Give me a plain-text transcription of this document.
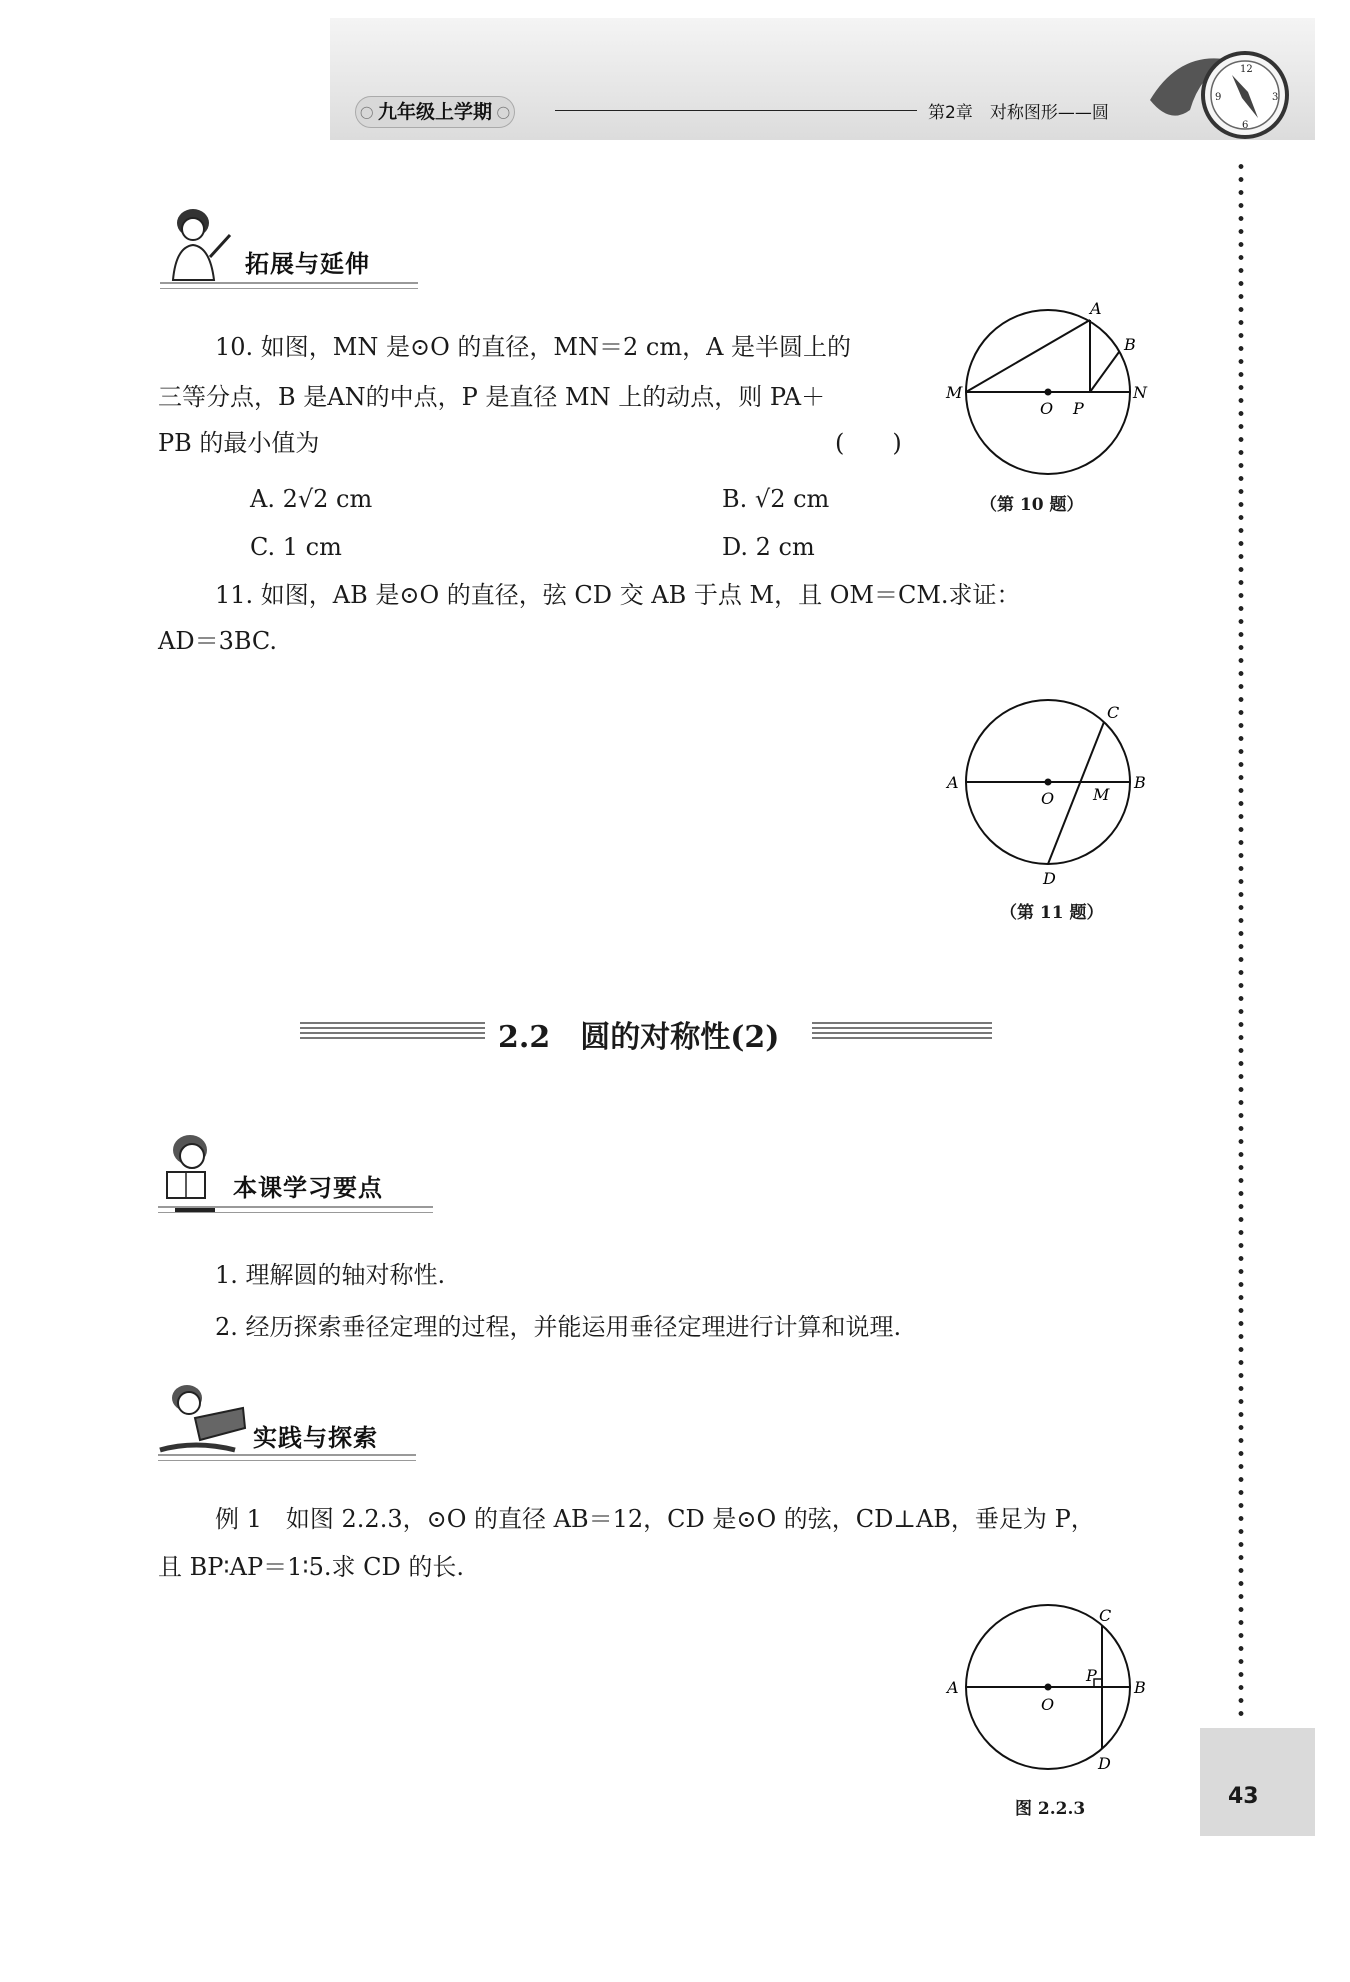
◯ 九年级上学期 ◯	第2章　对称图形——圆
12
3
6
9
拓展与延伸
10. 如图，MN 是⊙O 的直径，MN＝2 cm，A 是半圆上的
三等分点，B 是AN的中点，P 是直径 MN 上的动点，则 PA＋
PB 的最小值为	(　　)
A. 2√2 cm	B. √2 cm
C. 1 cm	D. 2 cm
A
B
M	N
O P
（第 10 题）
11. 如图，AB 是⊙O 的直径，弦 CD 交 AB 于点 M，且 OM＝CM.求证：
AD＝3BC.
C
A	B
O M
D
（第 11 题）
2.2　圆的对称性(2)
本课学习要点
1. 理解圆的轴对称性.
2. 经历探索垂径定理的过程，并能运用垂径定理进行计算和说理.
实践与探索
例 1　如图 2.2.3，⊙O 的直径 AB＝12，CD 是⊙O 的弦，CD⊥AB，垂足为 P，
且 BP∶AP＝1∶5.求 CD 的长.
C
A	B
O
P
D
图 2.2.3	43
